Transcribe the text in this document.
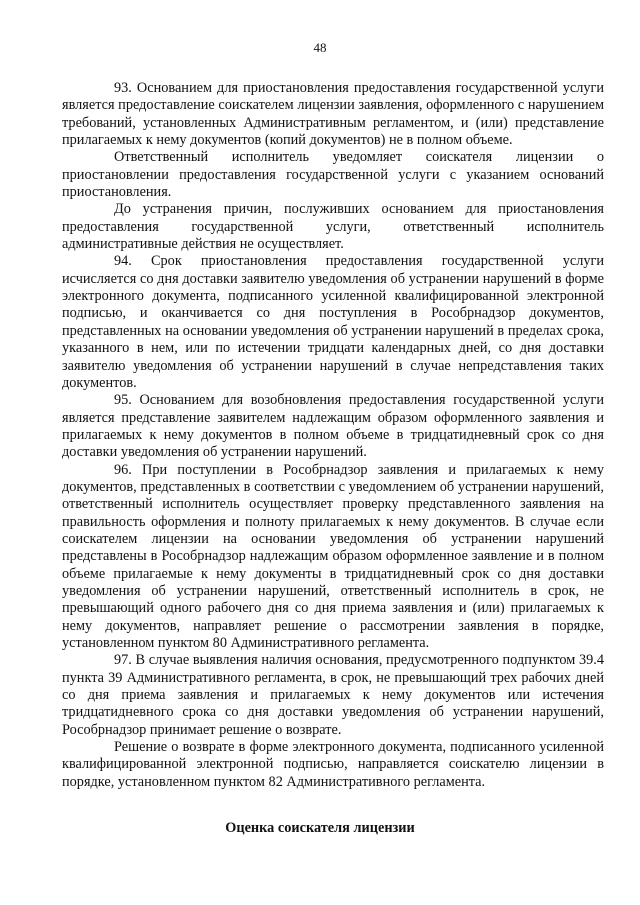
48

93. Основанием для приостановления предоставления государственной услуги является предоставление соискателем лицензии заявления, оформленного с нарушением требований, установленных Административным регламентом, и (или) представление прилагаемых к нему документов (копий документов) не в полном объеме.

Ответственный исполнитель уведомляет соискателя лицензии о приостановлении предоставления государственной услуги с указанием оснований приостановления.

До устранения причин, послуживших основанием для приостановления предоставления государственной услуги, ответственный исполнитель административные действия не осуществляет.

94. Срок приостановления предоставления государственной услуги исчисляется со дня доставки заявителю уведомления об устранении нарушений в форме электронного документа, подписанного усиленной квалифицированной электронной подписью, и оканчивается со дня поступления в Рособрнадзор документов, представленных на основании уведомления об устранении нарушений в пределах срока, указанного в нем, или по истечении тридцати календарных дней, со дня доставки заявителю уведомления об устранении нарушений в случае непредставления таких документов.

95. Основанием для возобновления предоставления государственной услуги является представление заявителем надлежащим образом оформленного заявления и прилагаемых к нему документов в полном объеме в тридцатидневный срок со дня доставки уведомления об устранении нарушений.

96. При поступлении в Рособрнадзор заявления и прилагаемых к нему документов, представленных в соответствии с уведомлением об устранении нарушений, ответственный исполнитель осуществляет проверку представленного заявления на правильность оформления и полноту прилагаемых к нему документов. В случае если соискателем лицензии на основании уведомления об устранении нарушений представлены в Рособрнадзор надлежащим образом оформленное заявление и в полном объеме прилагаемые к нему документы в тридцатидневный срок со дня доставки уведомления об устранении нарушений, ответственный исполнитель в срок, не превышающий одного рабочего дня со дня приема заявления и (или) прилагаемых к нему документов, направляет решение о рассмотрении заявления в порядке, установленном пунктом 80 Административного регламента.

97. В случае выявления наличия основания, предусмотренного подпунктом 39.4 пункта 39 Административного регламента, в срок, не превышающий трех рабочих дней со дня приема заявления и прилагаемых к нему документов или истечения тридцатидневного срока со дня доставки уведомления об устранении нарушений, Рособрнадзор принимает решение о возврате.

Решение о возврате в форме электронного документа, подписанного усиленной квалифицированной электронной подписью, направляется соискателю лицензии в порядке, установленном пунктом 82 Административного регламента.

Оценка соискателя лицензии
